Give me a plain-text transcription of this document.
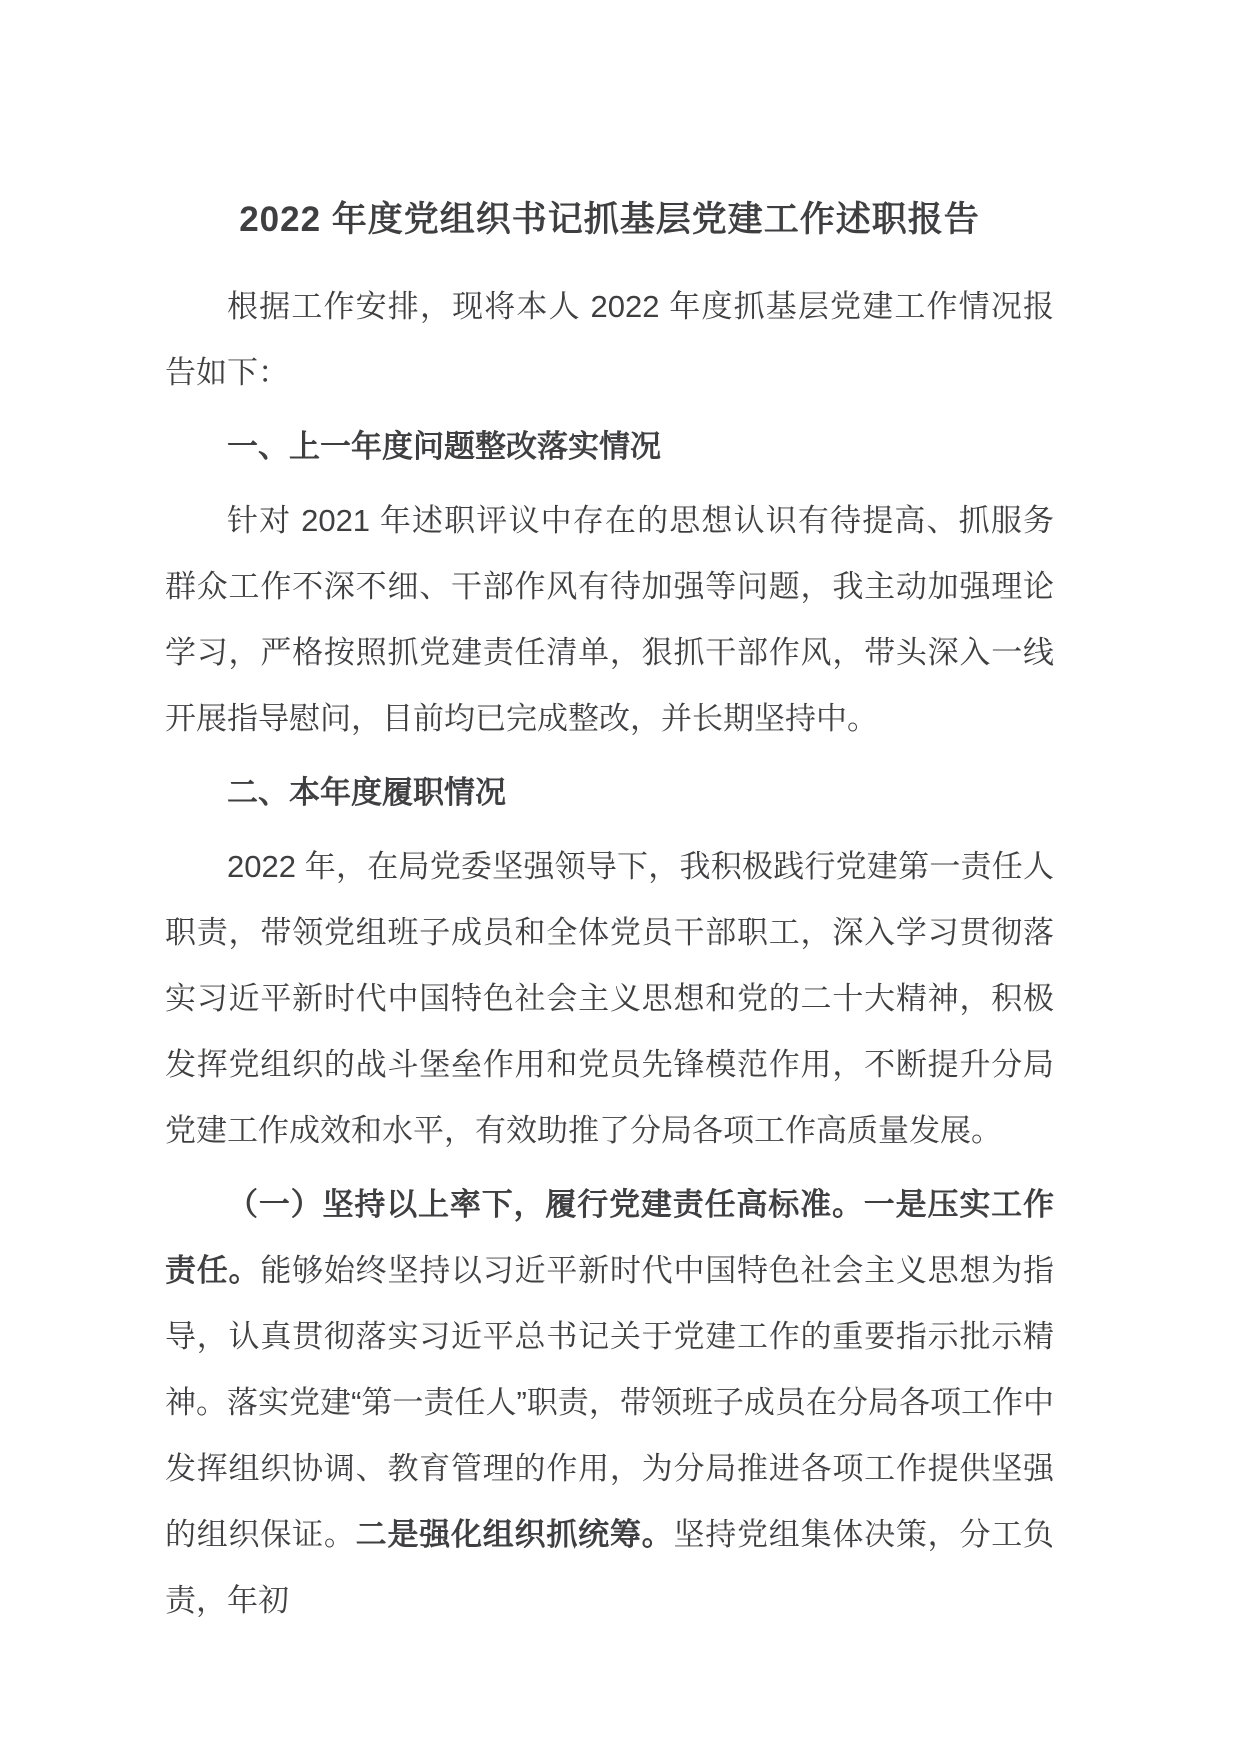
2022 年度党组织书记抓基层党建工作述职报告

根据工作安排，现将本人 2022 年度抓基层党建工作情况报告如下：

一、上一年度问题整改落实情况

针对 2021 年述职评议中存在的思想认识有待提高、抓服务群众工作不深不细、干部作风有待加强等问题，我主动加强理论学习，严格按照抓党建责任清单，狠抓干部作风，带头深入一线开展指导慰问，目前均已完成整改，并长期坚持中。

二、本年度履职情况

2022 年，在局党委坚强领导下，我积极践行党建第一责任人职责，带领党组班子成员和全体党员干部职工，深入学习贯彻落实习近平新时代中国特色社会主义思想和党的二十大精神，积极发挥党组织的战斗堡垒作用和党员先锋模范作用，不断提升分局党建工作成效和水平，有效助推了分局各项工作高质量发展。

（一）坚持以上率下，履行党建责任高标准。一是压实工作责任。能够始终坚持以习近平新时代中国特色社会主义思想为指导，认真贯彻落实习近平总书记关于党建工作的重要指示批示精神。落实党建“第一责任人”职责，带领班子成员在分局各项工作中发挥组织协调、教育管理的作用，为分局推进各项工作提供坚强的组织保证。二是强化组织抓统筹。坚持党组集体决策，分工负责，年初
